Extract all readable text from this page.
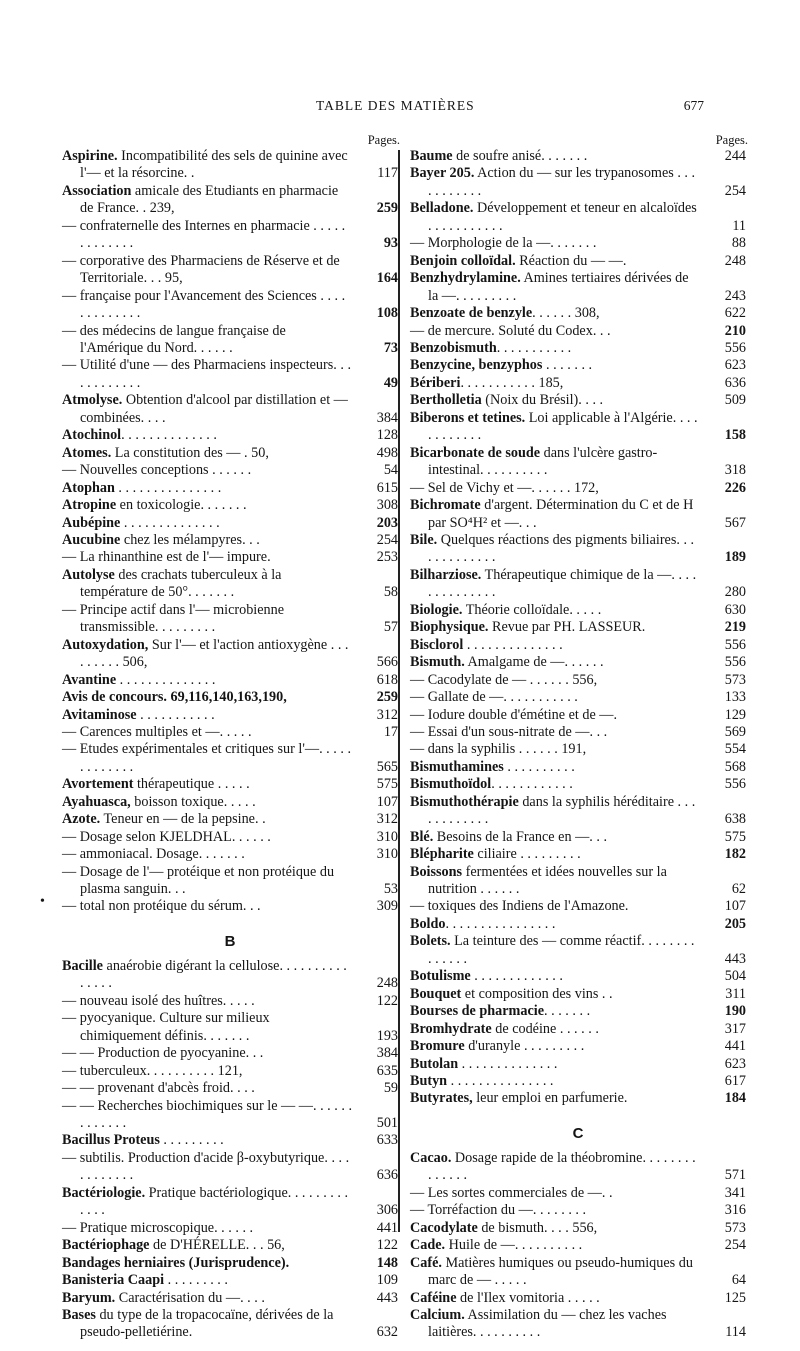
TABLE DES MATIÈRES	677
Pages.
Aspirine. Incompatibilité des sels de quinine avec l'— et la résorcine. .	117
Association amicale des Etudiants en pharmacie de France. . 239,	259
— confraternelle des Internes en pharmacie . . . . . . . . . . . . .	93
— corporative des Pharmaciens de Réserve et de Territoriale. . . 95,	164
— française pour l'Avancement des Sciences . . . . . . . . . . . . .	108
— des médecins de langue française de l'Amérique du Nord. . . . . .	73
— Utilité d'une — des Pharmaciens inspecteurs. . . . . . . . . . . .	49
Atmolyse. Obtention d'alcool par distillation et — combinées. . . .	384
Atochinol. . . . . . . . . . . . . .	128
Atomes. La constitution des — . 50,	498
— Nouvelles conceptions . . . . . .	54
Atophan . . . . . . . . . . . . . . .	615
Atropine en toxicologie. . . . . . .	308
Aubépine . . . . . . . . . . . . . .	203
Aucubine chez les mélampyres. . .	254
— La rhinanthine est de l'— impure.	253
Autolyse des crachats tuberculeux à la température de 50°. . . . . . .	58
— Principe actif dans l'— microbienne transmissible. . . . . . . . .	57
Autoxydation, Sur l'— et l'action antioxygène . . . . . . . . . 506,	566
Avantine . . . . . . . . . . . . . .	618
Avis de concours. 69,116,140,163,190,	259
Avitaminose . . . . . . . . . . .	312
— Carences multiples et —. . . . .	17
— Etudes expérimentales et critiques sur l'—. . . . . . . . . . . . .	565
Avortement thérapeutique . . . . .	575
Ayahuasca, boisson toxique. . . . .	107
Azote. Teneur en — de la pepsine. .	312
— Dosage selon KJELDHAL. . . . . .	310
— ammoniacal. Dosage. . . . . . .	310
— Dosage de l'— protéique et non protéique du plasma sanguin. . .	53
— total non protéique du sérum. . .	309
B
Bacille anaérobie digérant la cellulose. . . . . . . . . . . . . . .	248
— nouveau isolé des huîtres. . . . .	122
— pyocyanique. Culture sur milieux chimiquement définis. . . . . . .	193
— — Production de pyocyanine. . .	384
— tuberculeux. . . . . . . . . . 121,	635
— — provenant d'abcès froid. . . .	59
— — Recherches biochimiques sur le — —. . . . . . . . . . . . .	501
Bacillus Proteus . . . . . . . . .	633
— subtilis. Production d'acide β-oxybutyrique. . . . . . . . . . . .	636
Bactériologie. Pratique bactériologique. . . . . . . . . . . . .	306
— Pratique microscopique. . . . . .	441
Bactériophage de D'HÉRELLE. . . 56,	122
Bandages herniaires (Jurisprudence).	148
Banisteria Caapi . . . . . . . . .	109
Baryum. Caractérisation du —. . . .	443
Bases du type de la tropacocaïne, dérivées de la pseudo-pelletiérine.	632
Pages.
Baume de soufre anisé. . . . . . .	244
Bayer 205. Action du — sur les trypanosomes . . . . . . . . . . .	254
Belladone. Développement et teneur en alcaloïdes . . . . . . . . . . .	11
— Morphologie de la —. . . . . . .	88
Benjoin colloïdal. Réaction du — —.	248
Benzhydrylamine. Amines tertiaires dérivées de la —. . . . . . . . .	243
Benzoate de benzyle. . . . . . 308,	622
— de mercure. Soluté du Codex. . .	210
Benzobismuth. . . . . . . . . . .	556
Benzycine, benzyphos . . . . . . .	623
Bériberi. . . . . . . . . . . 185,	636
Bertholletia (Noix du Brésil). . . .	509
Biberons et tetines. Loi applicable à l'Algérie. . . . . . . . . . . .	158
Bicarbonate de soude dans l'ulcère gastro-intestinal. . . . . . . . . .	318
— Sel de Vichy et —. . . . . . 172,	226
Bichromate d'argent. Détermination du C et de H par SO⁴H² et —. . .	567
Bile. Quelques réactions des pigments biliaires. . . . . . . . . . . . .	189
Bilharziose. Thérapeutique chimique de la —. . . . . . . . . . . . . .	280
Biologie. Théorie colloïdale. . . . .	630
Biophysique. Revue par PH. LASSEUR.	219
Bisclorol . . . . . . . . . . . . . .	556
Bismuth. Amalgame de —. . . . . .	556
— Cacodylate de — . . . . . . 556,	573
— Gallate de —. . . . . . . . . . .	133
— Iodure double d'émétine et de —.	129
— Essai d'un sous-nitrate de —. . .	569
— dans la syphilis . . . . . . 191,	554
Bismuthamines . . . . . . . . . .	568
Bismuthoïdol. . . . . . . . . . . .	556
Bismuthothérapie dans la syphilis héréditaire . . . . . . . . . . . .	638
Blé. Besoins de la France en —. . .	575
Blépharite ciliaire . . . . . . . . .	182
Boissons fermentées et idées nouvelles sur la nutrition . . . . . .	62
— toxiques des Indiens de l'Amazone.	107
Boldo. . . . . . . . . . . . . . . .	205
Bolets. La teinture des — comme réactif. . . . . . . . . . . . . .	443
Botulisme . . . . . . . . . . . . .	504
Bouquet et composition des vins . .	311
Bourses de pharmacie. . . . . . .	190
Bromhydrate de codéine . . . . . .	317
Bromure d'uranyle . . . . . . . . .	441
Butolan . . . . . . . . . . . . . .	623
Butyn . . . . . . . . . . . . . . .	617
Butyrates, leur emploi en parfumerie.	184
C
Cacao. Dosage rapide de la théobromine. . . . . . . . . . . . . .	571
— Les sortes commerciales de —. .	341
— Torréfaction du —. . . . . . . .	316
Cacodylate de bismuth. . . . 556,	573
Cade. Huile de —. . . . . . . . . .	254
Café. Matières humiques ou pseudo-humiques du marc de — . . . . .	64
Caféine de l'Ilex vomitoria . . . . .	125
Calcium. Assimilation du — chez les vaches laitières. . . . . . . . . .	114
•
